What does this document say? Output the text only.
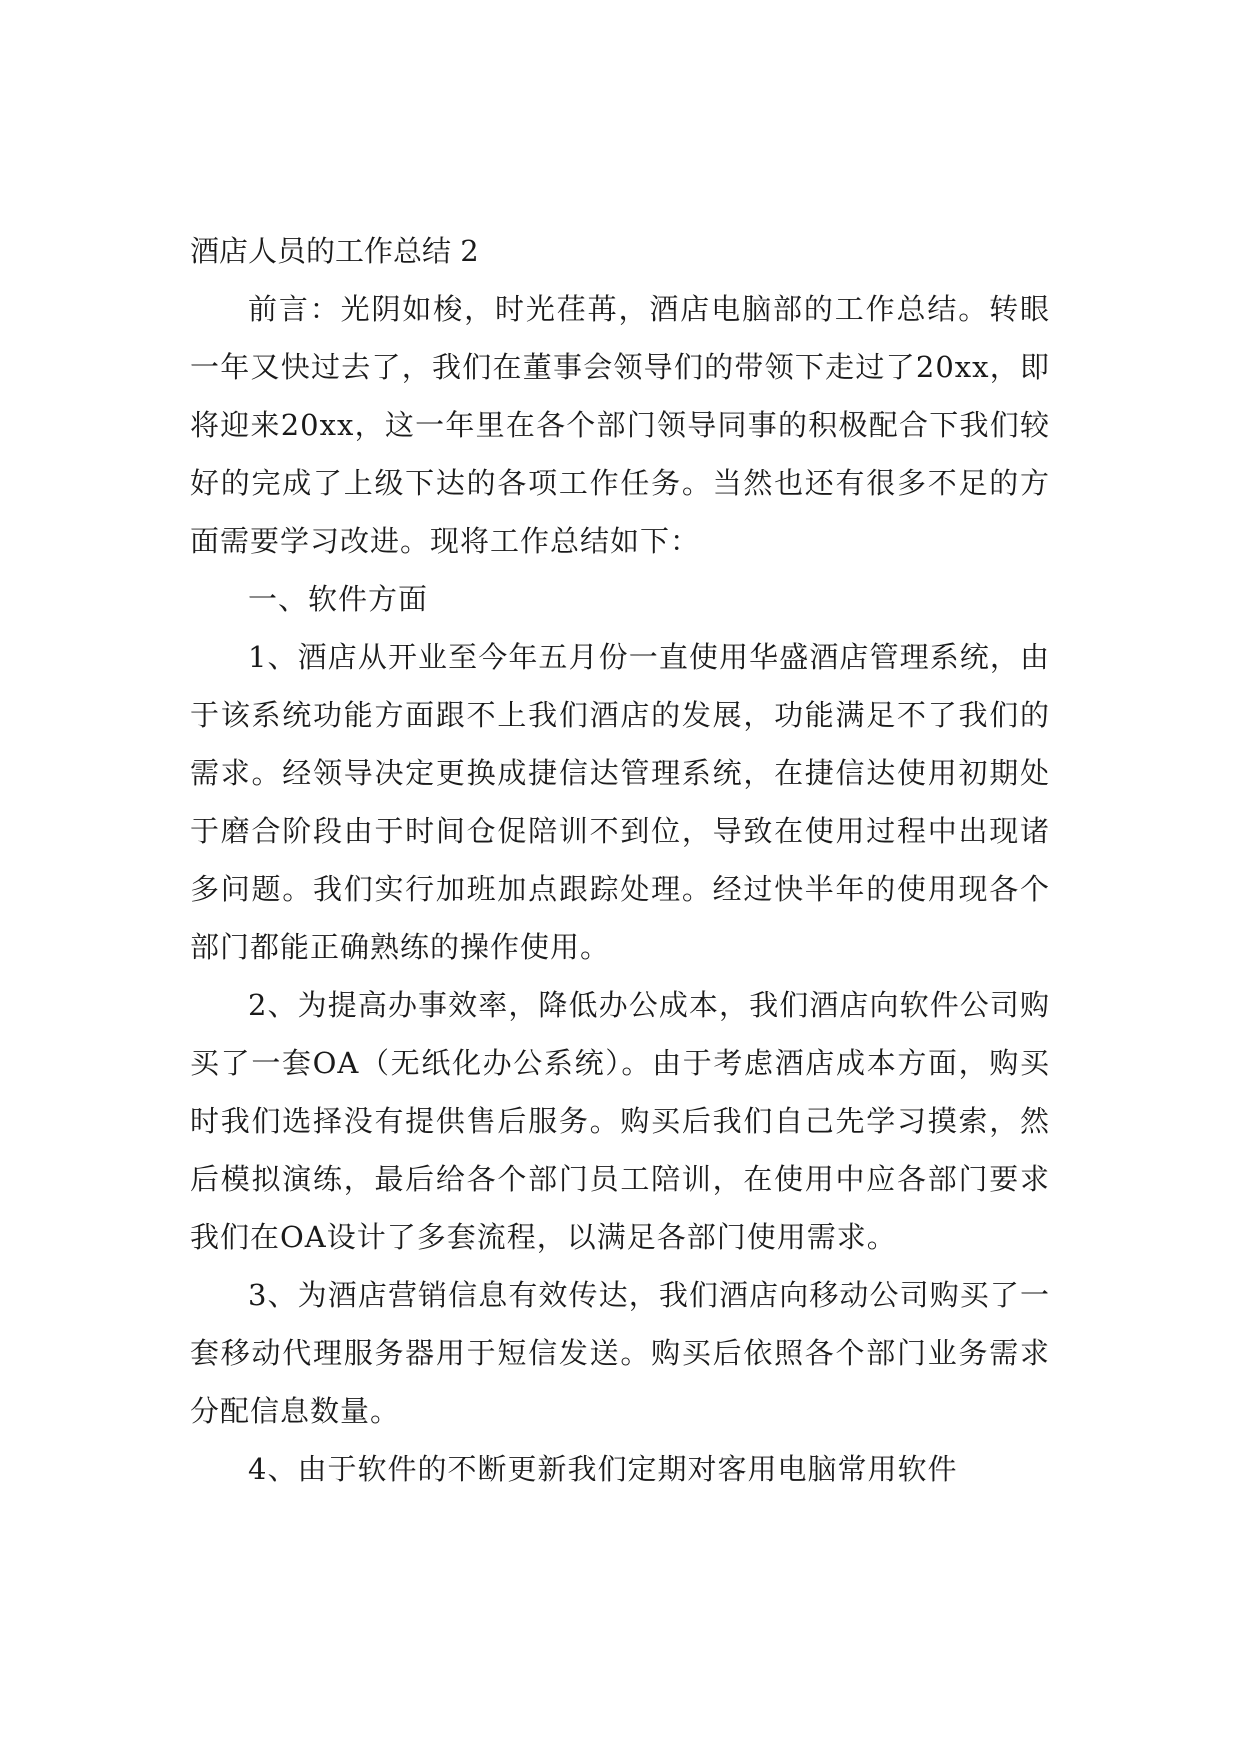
酒店人员的工作总结 2

前言：光阴如梭，时光荏苒，酒店电脑部的工作总结。转眼一年又快过去了，我们在董事会领导们的带领下走过了20xx，即将迎来20xx，这一年里在各个部门领导同事的积极配合下我们较好的完成了上级下达的各项工作任务。当然也还有很多不足的方面需要学习改进。现将工作总结如下：

一、软件方面

1、酒店从开业至今年五月份一直使用华盛酒店管理系统，由于该系统功能方面跟不上我们酒店的发展，功能满足不了我们的需求。经领导决定更换成捷信达管理系统，在捷信达使用初期处于磨合阶段由于时间仓促陪训不到位，导致在使用过程中出现诸多问题。我们实行加班加点跟踪处理。经过快半年的使用现各个部门都能正确熟练的操作使用。

2、为提高办事效率，降低办公成本，我们酒店向软件公司购买了一套OA（无纸化办公系统）。由于考虑酒店成本方面，购买时我们选择没有提供售后服务。购买后我们自己先学习摸索，然后模拟演练，最后给各个部门员工陪训，在使用中应各部门要求我们在OA设计了多套流程，以满足各部门使用需求。

3、为酒店营销信息有效传达，我们酒店向移动公司购买了一套移动代理服务器用于短信发送。购买后依照各个部门业务需求分配信息数量。

4、由于软件的不断更新我们定期对客用电脑常用软件
